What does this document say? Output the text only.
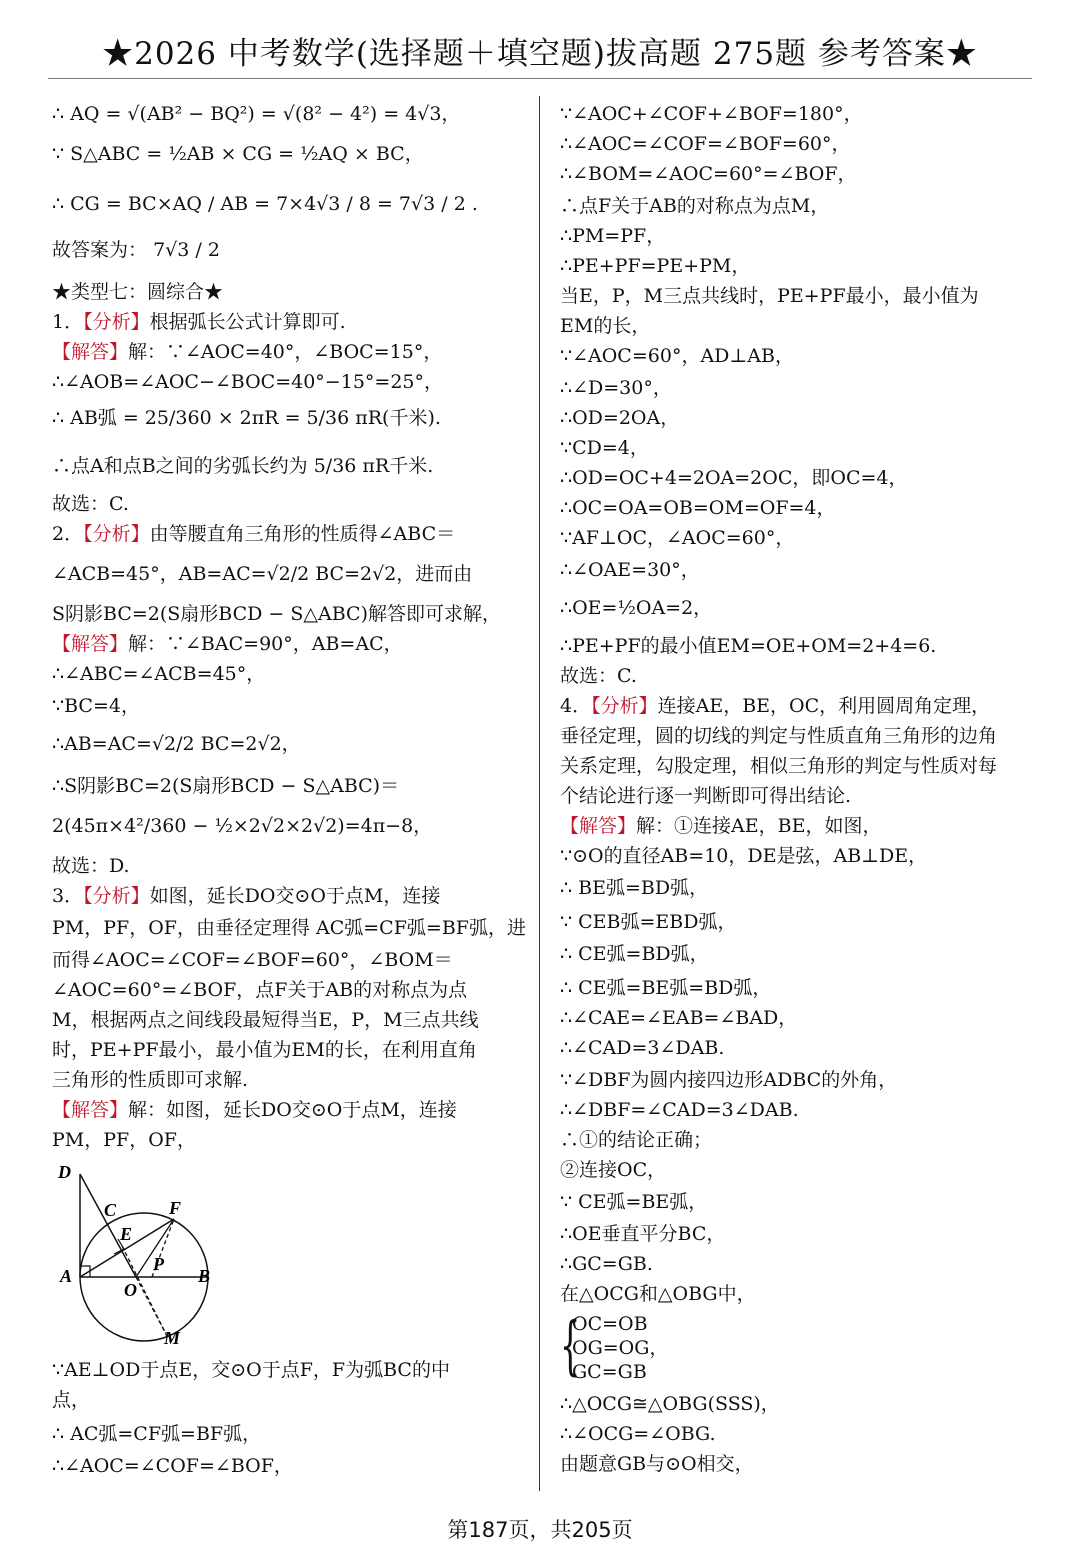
★2026 中考数学(选择题＋填空题)拔高题 275题 参考答案★
∴ AQ = √(AB² − BQ²) = √(8² − 4²) = 4√3，
∵ S△ABC = ½AB × CG = ½AQ × BC，
∴ CG = BC×AQ / AB = 7×4√3 / 8 = 7√3 / 2 .
故答案为： 7√3 / 2
★类型七：圆综合★
1．【分析】根据弧长公式计算即可.
【解答】解：∵∠AOC=40°，∠BOC=15°，
∴∠AOB=∠AOC−∠BOC=40°−15°=25°，
∴ AB弧 = 25/360 × 2πR = 5/36 πR(千米).
∴点A和点B之间的劣弧长约为 5/36 πR千米.
故选：C.
2．【分析】由等腰直角三角形的性质得∠ABC＝
∠ACB=45°，AB=AC=√2/2 BC=2√2，进而由
S阴影BC=2(S扇形BCD − S△ABC)解答即可求解，
【解答】解：∵∠BAC=90°，AB=AC，
∴∠ABC=∠ACB=45°，
∵BC=4，
∴AB=AC=√2/2 BC=2√2，
∴S阴影BC=2(S扇形BCD − S△ABC)＝
2(45π×4²/360 − ½×2√2×2√2)=4π−8，
故选：D.
3．【分析】如图，延长DO交⊙O于点M，连接
PM，PF，OF，由垂径定理得 AC弧=CF弧=BF弧，进
而得∠AOC=∠COF=∠BOF=60°，∠BOM＝
∠AOC=60°=∠BOF，点F关于AB的对称点为点
M，根据两点之间线段最短得当E，P，M三点共线
时，PE+PF最小，最小值为EM的长，在利用直角
三角形的性质即可求解.
【解答】解：如图，延长DO交⊙O于点M，连接
PM，PF，OF，
D
C	F
E
P
A
O
B
M
∵AE⊥OD于点E，交⊙O于点F，F为弧BC的中
点，
∴ AC弧=CF弧=BF弧，
∴∠AOC=∠COF=∠BOF，
∵∠AOC+∠COF+∠BOF=180°，
∴∠AOC=∠COF=∠BOF=60°，
∴∠BOM=∠AOC=60°=∠BOF，
∴点F关于AB的对称点为点M，
∴PM=PF，
∴PE+PF=PE+PM，
当E，P，M三点共线时，PE+PF最小，最小值为
EM的长，
∵∠AOC=60°，AD⊥AB，
∴∠D=30°，
∴OD=2OA，
∵CD=4，
∴OD=OC+4=2OA=2OC，即OC=4，
∴OC=OA=OB=OM=OF=4，
∵AF⊥OC，∠AOC=60°，
∴∠OAE=30°，
∴OE=½OA=2，
∴PE+PF的最小值EM=OE+OM=2+4=6.
故选：C.
4．【分析】连接AE，BE，OC，利用圆周角定理，
垂径定理，圆的切线的判定与性质直角三角形的边角
关系定理，勾股定理，相似三角形的判定与性质对每
个结论进行逐一判断即可得出结论.
【解答】解：①连接AE，BE，如图，
∵⊙O的直径AB=10，DE是弦，AB⊥DE，
∴ BE弧=BD弧，
∵ CEB弧=EBD弧，
∴ CE弧=BD弧，
∴ CE弧=BE弧=BD弧，
∴∠CAE=∠EAB=∠BAD，
∴∠CAD=3∠DAB.
∵∠DBF为圆内接四边形ADBC的外角，
∴∠DBF=∠CAD=3∠DAB.
∴①的结论正确；
②连接OC，
∵ CE弧=BE弧，
∴OE垂直平分BC，
∴GC=GB.
在△OCG和△OBG中，
{
OC=OB
OG=OG，
GC=GB
∴△OCG≅△OBG(SSS)，
∴∠OCG=∠OBG.
由题意GB与⊙O相交，
第187页，共205页
